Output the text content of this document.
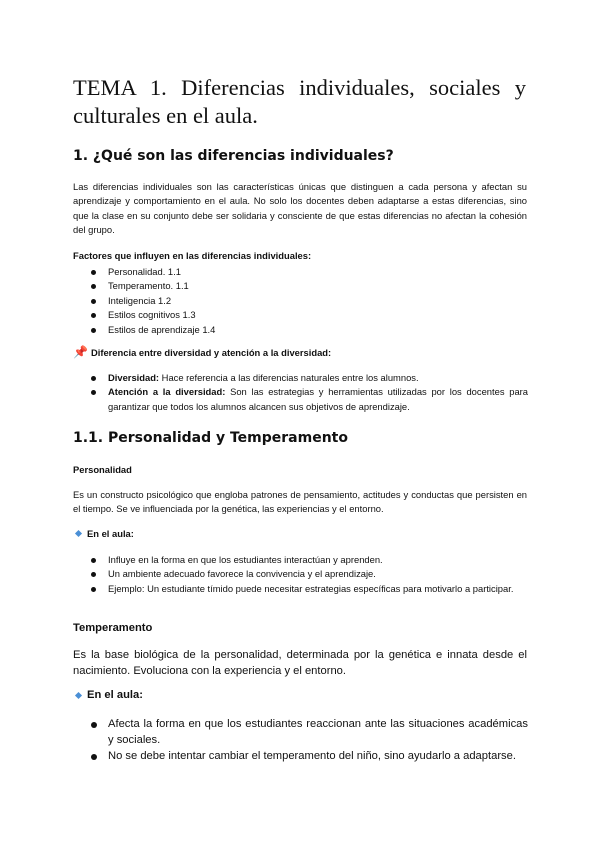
TEMA 1. Diferencias individuales, sociales y culturales en el aula.
1. ¿Qué son las diferencias individuales?

Las diferencias individuales son las características únicas que distinguen a cada persona y afectan su aprendizaje y comportamiento en el aula. No solo los docentes deben adaptarse a estas diferencias, sino que la clase en su conjunto debe ser solidaria y consciente de que estas diferencias no afectan la cohesión del grupo.

Factores que influyen en las diferencias individuales:

Personalidad. 1.1
Temperamento. 1.1
Inteligencia 1.2
Estilos cognitivos 1.3
Estilos de aprendizaje 1.4

📌 Diferencia entre diversidad y atención a la diversidad:

Diversidad: Hace referencia a las diferencias naturales entre los alumnos.
Atención a la diversidad: Son las estrategias y herramientas utilizadas por los docentes para garantizar que todos los alumnos alcancen sus objetivos de aprendizaje.
1.1. Personalidad y Temperamento

Personalidad

Es un constructo psicológico que engloba patrones de pensamiento, actitudes y conductas que persisten en el tiempo. Se ve influenciada por la genética, las experiencias y el entorno.

En el aula:

Influye en la forma en que los estudiantes interactúan y aprenden.
Un ambiente adecuado favorece la convivencia y el aprendizaje.
Ejemplo: Un estudiante tímido puede necesitar estrategias específicas para motivarlo a participar.

Temperamento

Es la base biológica de la personalidad, determinada por la genética e innata desde el nacimiento. Evoluciona con la experiencia y el entorno.

En el aula:

Afecta la forma en que los estudiantes reaccionan ante las situaciones académicas y sociales.
No se debe intentar cambiar el temperamento del niño, sino ayudarlo a adaptarse.
